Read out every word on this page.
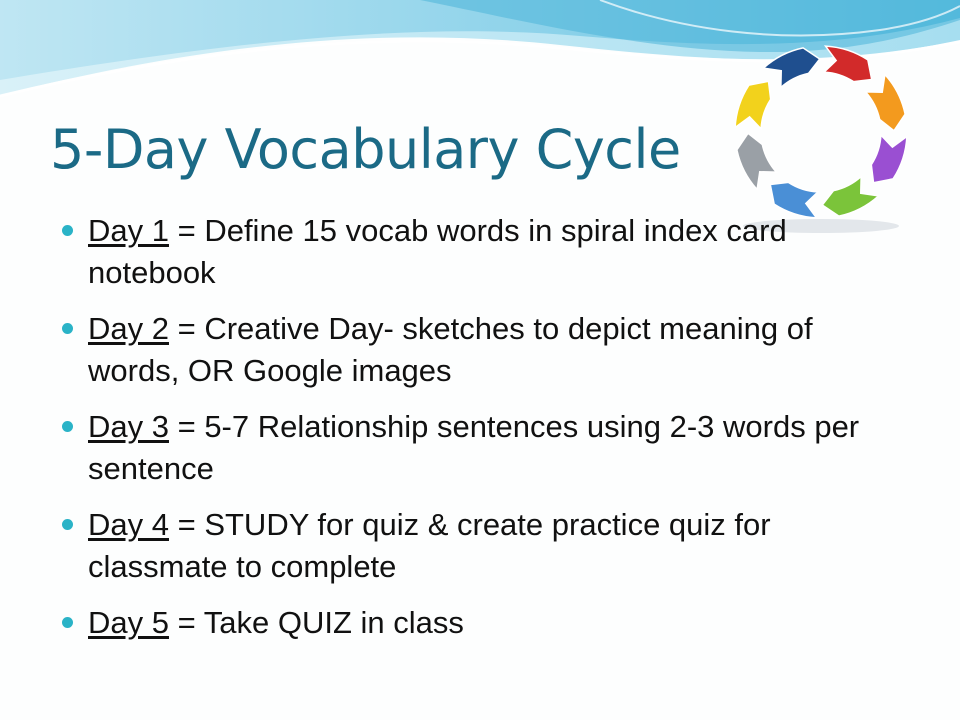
5-Day Vocabulary Cycle
Day 1 = Define 15 vocab words in spiral index card notebook
Day 2 = Creative Day- sketches to depict meaning of words, OR Google images
Day 3 = 5-7 Relationship sentences using 2-3 words per sentence
Day 4 = STUDY for quiz & create practice quiz for classmate to complete
Day 5 = Take QUIZ in class
